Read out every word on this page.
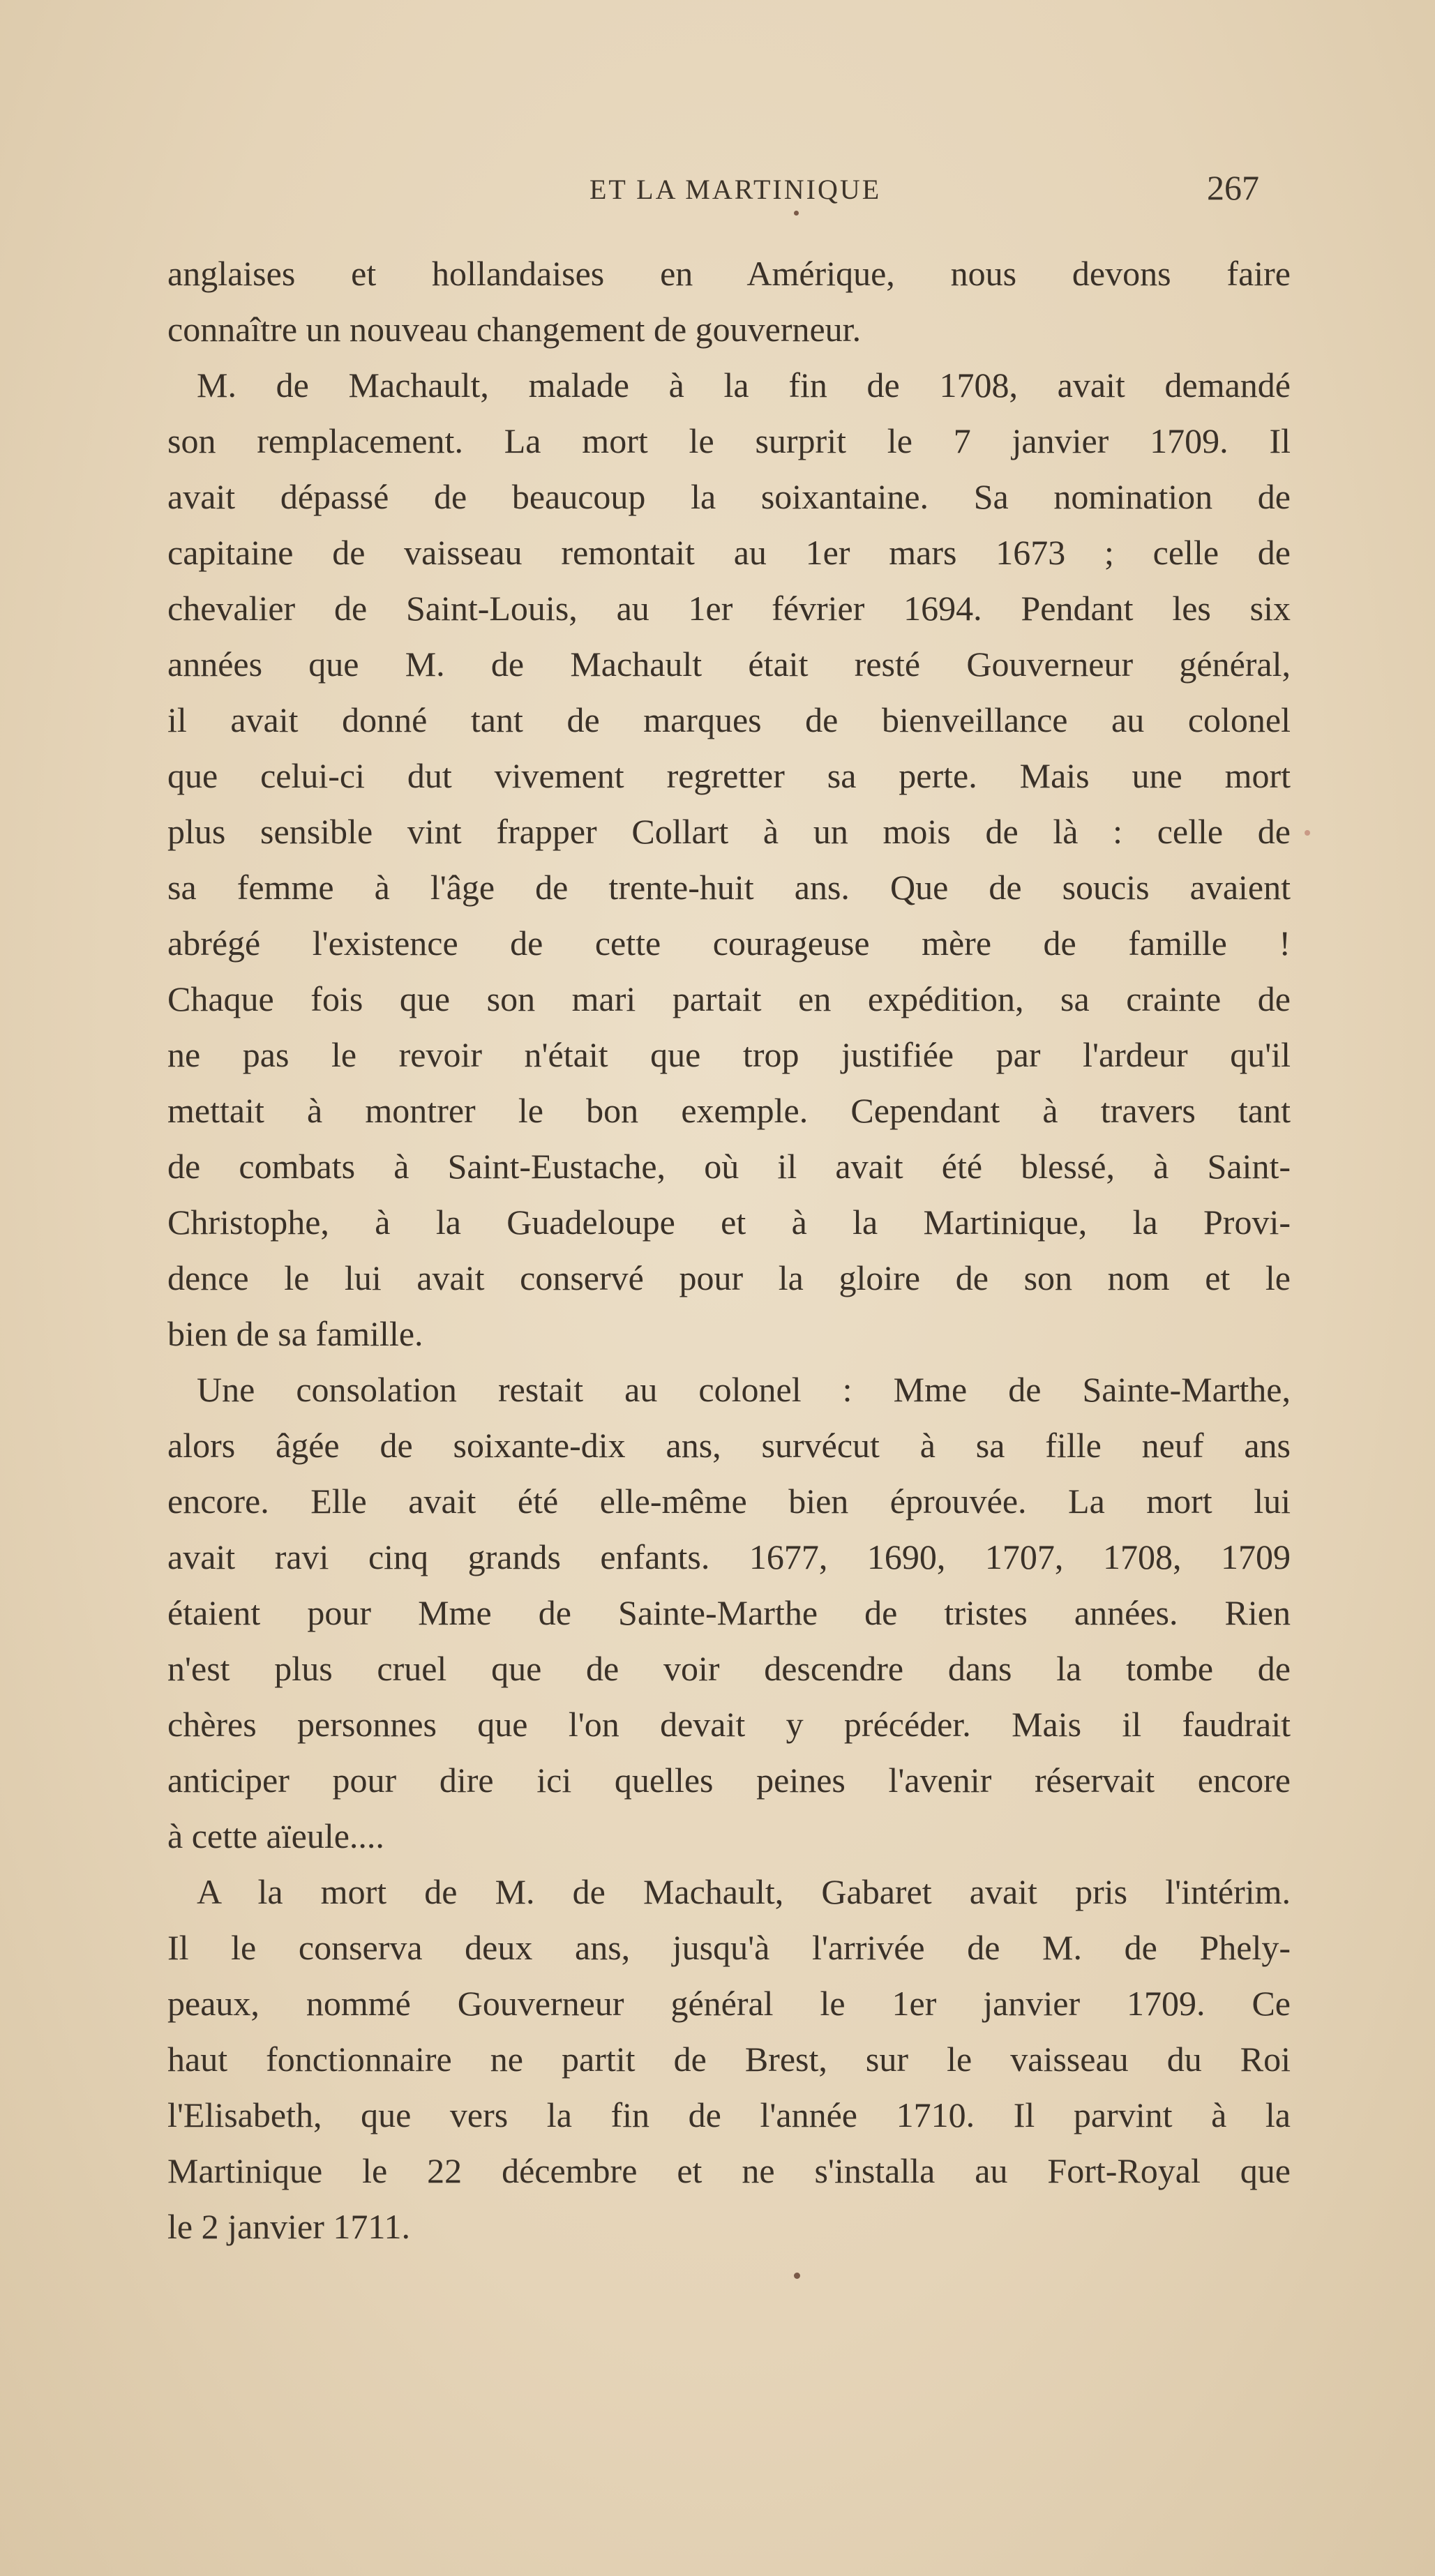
ET LA MARTINIQUE	267
anglaises et hollandaises en Amérique, nous devons faire
connaître un nouveau changement de gouverneur.
M. de Machault, malade à la fin de 1708, avait demandé
son remplacement. La mort le surprit le 7 janvier 1709. Il
avait dépassé de beaucoup la soixantaine. Sa nomination de
capitaine de vaisseau remontait au 1er mars 1673 ; celle de
chevalier de Saint-Louis, au 1er février 1694. Pendant les six
années que M. de Machault était resté Gouverneur général,
il avait donné tant de marques de bienveillance au colonel
que celui-ci dut vivement regretter sa perte. Mais une mort
plus sensible vint frapper Collart à un mois de là : celle de
sa femme à l'âge de trente-huit ans. Que de soucis avaient
abrégé l'existence de cette courageuse mère de famille !
Chaque fois que son mari partait en expédition, sa crainte de
ne pas le revoir n'était que trop justifiée par l'ardeur qu'il
mettait à montrer le bon exemple. Cependant à travers tant
de combats à Saint-Eustache, où il avait été blessé, à Saint-
Christophe, à la Guadeloupe et à la Martinique, la Provi-
dence le lui avait conservé pour la gloire de son nom et le
bien de sa famille.
Une consolation restait au colonel : Mme de Sainte-Marthe,
alors âgée de soixante-dix ans, survécut à sa fille neuf ans
encore. Elle avait été elle-même bien éprouvée. La mort lui
avait ravi cinq grands enfants. 1677, 1690, 1707, 1708, 1709
étaient pour Mme de Sainte-Marthe de tristes années. Rien
n'est plus cruel que de voir descendre dans la tombe de
chères personnes que l'on devait y précéder. Mais il faudrait
anticiper pour dire ici quelles peines l'avenir réservait encore
à cette aïeule....
A la mort de M. de Machault, Gabaret avait pris l'intérim.
Il le conserva deux ans, jusqu'à l'arrivée de M. de Phely-
peaux, nommé Gouverneur général le 1er janvier 1709. Ce
haut fonctionnaire ne partit de Brest, sur le vaisseau du Roi
l'Elisabeth, que vers la fin de l'année 1710. Il parvint à la
Martinique le 22 décembre et ne s'installa au Fort-Royal que
le 2 janvier 1711.
